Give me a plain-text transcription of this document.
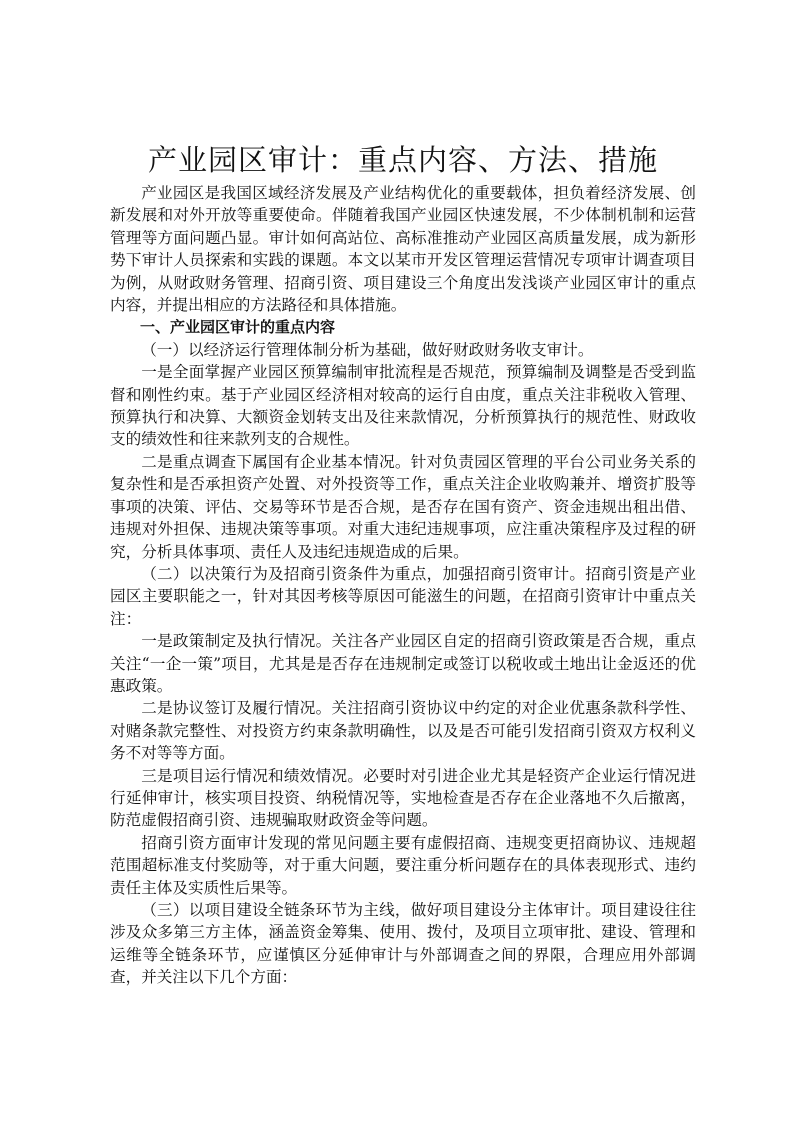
产业园区审计：重点内容、方法、措施

产业园区是我国区域经济发展及产业结构优化的重要载体，担负着经济发展、创新发展和对外开放等重要使命。伴随着我国产业园区快速发展，不少体制机制和运营管理等方面问题凸显。审计如何高站位、高标准推动产业园区高质量发展，成为新形势下审计人员探索和实践的课题。本文以某市开发区管理运营情况专项审计调查项目为例，从财政财务管理、招商引资、项目建设三个角度出发浅谈产业园区审计的重点内容，并提出相应的方法路径和具体措施。

一、产业园区审计的重点内容

（一）以经济运行管理体制分析为基础，做好财政财务收支审计。

一是全面掌握产业园区预算编制审批流程是否规范，预算编制及调整是否受到监督和刚性约束。基于产业园区经济相对较高的运行自由度，重点关注非税收入管理、预算执行和决算、大额资金划转支出及往来款情况，分析预算执行的规范性、财政收支的绩效性和往来款列支的合规性。

二是重点调查下属国有企业基本情况。针对负责园区管理的平台公司业务关系的复杂性和是否承担资产处置、对外投资等工作，重点关注企业收购兼并、增资扩股等事项的决策、评估、交易等环节是否合规，是否存在国有资产、资金违规出租出借、违规对外担保、违规决策等事项。对重大违纪违规事项，应注重决策程序及过程的研究，分析具体事项、责任人及违纪违规造成的后果。

（二）以决策行为及招商引资条件为重点，加强招商引资审计。招商引资是产业园区主要职能之一，针对其因考核等原因可能滋生的问题，在招商引资审计中重点关注：

一是政策制定及执行情况。关注各产业园区自定的招商引资政策是否合规，重点关注“一企一策”项目，尤其是是否存在违规制定或签订以税收或土地出让金返还的优惠政策。

二是协议签订及履行情况。关注招商引资协议中约定的对企业优惠条款科学性、对赌条款完整性、对投资方约束条款明确性，以及是否可能引发招商引资双方权利义务不对等等方面。

三是项目运行情况和绩效情况。必要时对引进企业尤其是轻资产企业运行情况进行延伸审计，核实项目投资、纳税情况等，实地检查是否存在企业落地不久后撤离，防范虚假招商引资、违规骗取财政资金等问题。

招商引资方面审计发现的常见问题主要有虚假招商、违规变更招商协议、违规超范围超标准支付奖励等，对于重大问题，要注重分析问题存在的具体表现形式、违约责任主体及实质性后果等。

（三）以项目建设全链条环节为主线，做好项目建设分主体审计。项目建设往往涉及众多第三方主体，涵盖资金筹集、使用、拨付，及项目立项审批、建设、管理和运维等全链条环节，应谨慎区分延伸审计与外部调查之间的界限，合理应用外部调查，并关注以下几个方面：
